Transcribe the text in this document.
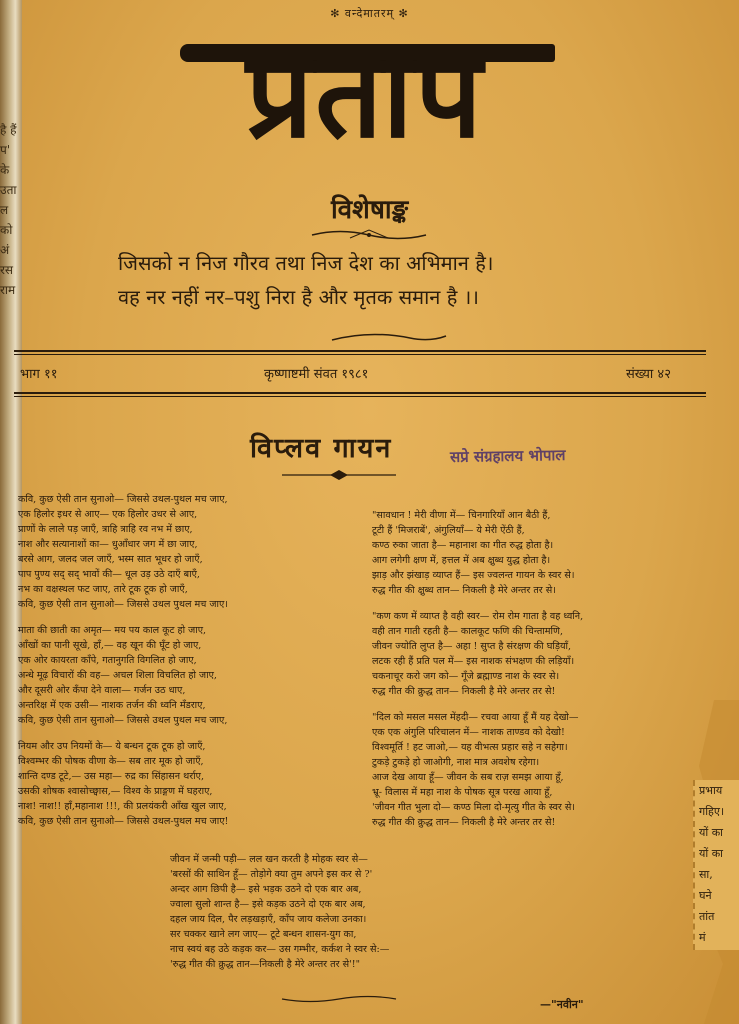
है हैं
प' के
उता
ल को
अं
रस
राम
✻ वन्देमातरम् ✻
प्रताप
विशेषाङ्क
जिसको न निज गौरव तथा निज देश का अभिमान है।
वह नर नहीं नर–पशु निरा है और मृतक समान है ।।
भाग ११	कृष्णाष्टमी संवत १९८१	संख्या ४२
विप्लव गायन	सप्रे संग्रहालय भोपाल
कवि, कुछ ऐसी तान सुनाओ— जिससे उथल-पुथल मच जाए,
एक हिलोर इधर से आए— एक हिलोर उधर से आए,
प्राणों के लाले पड़ जाएँ, त्राहि त्राहि रव नभ में छाए,
नाश और सत्यानाशों का— धुआँधार जग में छा जाए,
बरसे आग, जलद जल जाएँ, भस्म सात भूधर हो जाएँ,
पाप पुण्य सद् सद् भावों की— धूल उड़ उठे दाएँ बाएँ,
नभ का वक्षस्थल फट जाए, तारे टूक टूक हो जाएँ,
कवि, कुछ ऐसी तान सुनाओ— जिससे उथल पुथल मच जाए।
माता की छाती का अमृत— मय पय काल कूट हो जाए,
आँखों का पानी सूखे, हाँ,— वह खून की घूँट हो जाए,
एक ओर कायरता काँपे, गतानुगति विगलित हो जाए,
अन्धे मूढ़ विचारों की वह— अचल शिला विचलित हो जाए,
और दूसरी ओर कँपा देने वाला— गर्जन उठ धाए,
अन्तरिक्ष में एक उसी— नाशक तर्जन की ध्वनि मँडराए,
कवि, कुछ ऐसी तान सुनाओ— जिससे उथल पुथल मच जाए,
नियम और उप नियमों के— ये बन्धन टूक टूक हो जाएँ,
विश्वम्भर की पोषक वीणा के— सब तार मूक हो जाएँ,
शान्ति दण्ड टूटे,— उस महा— रुद्र का सिंहासन थर्राए,
उसकी शोषक श्वासोच्छ्वास,— विश्व के प्राङ्गण में घहराए,
नाश! नाश!! हाँ,महानाश !!!, की प्रलयंकरी आँख खुल जाए,
कवि, कुछ ऐसी तान सुनाओ— जिससे उथल-पुथल मच जाए!
"सावधान ! मेरी वीणा में— चिनगारियाँ आन बैठी हैं,
टूटी हैं 'मिजराबें', अंगुलियाँ— ये मेरी ऐंठी हैं,
कण्ठ रुका जाता है— महानाश का गीत रुद्ध होता है।
आग लगेगी क्षण में, हत्तल में अब क्षुब्ध युद्ध होता है।
झाड़ और झंखाड़ व्याप्त हैं— इस ज्वलन्त गायन के स्वर से।
रुद्ध गीत की क्षुब्ध तान— निकली है मेरे अन्तर तर से।
"कण कण में व्याप्त है वही स्वर— रोम रोम गाता है वह ध्वनि,
वही तान गाती रहती है— कालकूट फणि की चिन्तामणि,
जीवन ज्योति लुप्त है— अहा ! सुप्त है संरक्षण की घड़ियाँ,
लटक रही हैं प्रति पल में— इस नाशक संभक्षण की लड़ियाँ।
चकनाचूर करो जग को— गूँजे ब्रह्माण्ड नाश के स्वर से।
रुद्ध गीत की क्रुद्ध तान— निकली है मेरे अन्तर तर से!
"दिल को मसल मसल मेंहदी— रचवा आया हूँ मैं यह देखो—
एक एक अंगुलि परिचालन में— नाशक ताण्डव को देखो!
विश्वमूर्ति ! हट जाओ,— यह वीभत्स प्रहार सहे न सहेगा।
टुकड़े टुकड़े हो जाओगी, नाश मात्र अवशेष रहेगा।
आज देख आया हूँ— जीवन के सब राज़ समझ आया हूँ,
भ्रू- विलास में महा नाश के पोषक सूत्र परख आया हूँ,
'जीवन गीत भुला दो— कण्ठ मिला दो-मृत्यु गीत के स्वर से।
रुद्ध गीत की क्रुद्ध तान— निकली है मेरे अन्तर तर से!
जीवन में जन्मी पड़ी— लल खन करती है मोहक स्वर से—
'बरसों की साथिन हूँ— तोड़ोगे क्या तुम अपने इस कर से ?'
अन्दर आग छिपी है— इसे भड़क उठने दो एक बार अब,
ज्वाला सुलो शान्त है— इसे कड़क उठने दो एक बार अब,
दहल जाय दिल, पैर लड़खड़ाएँ, काँप जाय कलेजा उनका।
सर चक्कर खाने लग जाए— टूटे बन्धन शासन-युग का,
नाच स्वयं बह उठे कड़क कर— उस गम्भीर, कर्कश ने स्वर से:—
'रुद्ध गीत की क्रुद्ध तान—निकली है मेरे अन्तर तर से'!"
—"नवीन"
प्रभाय
गहिए।
यों का
यों का
सा,
घने
तांत
मं
